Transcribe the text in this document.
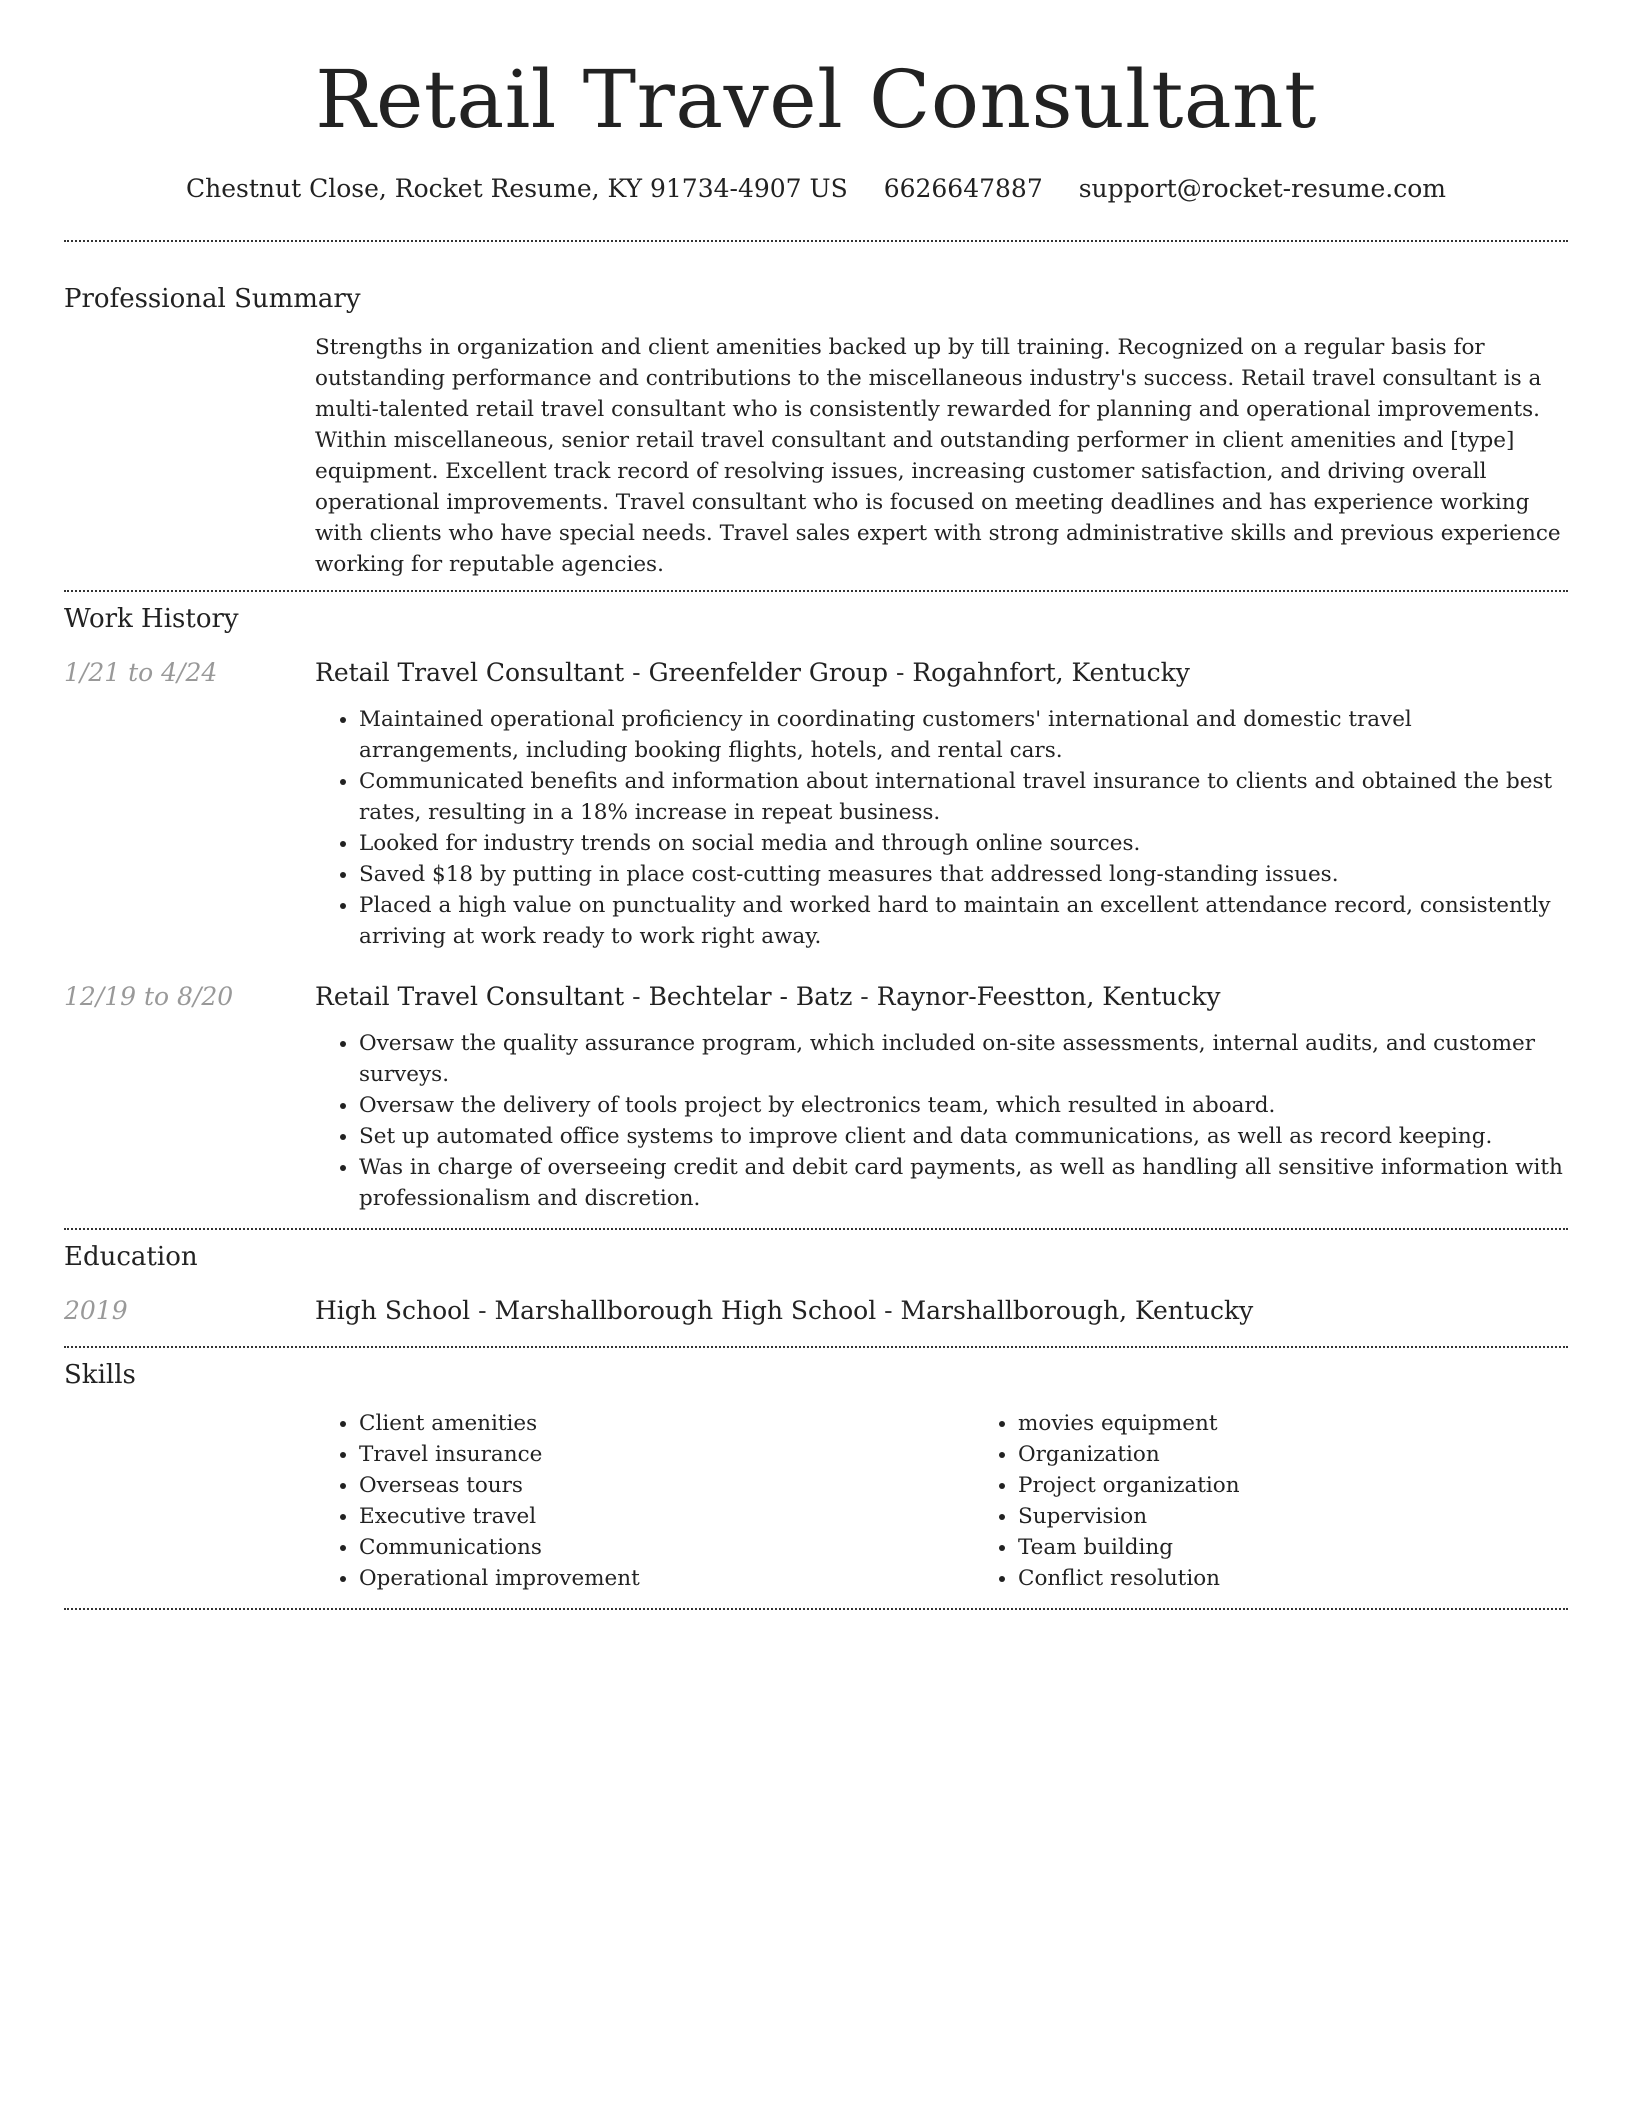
Retail Travel Consultant
Chestnut Close, Rocket Resume, KY 91734-4907 US 6626647887 support@rocket-resume.com
Professional Summary

Strengths in organization and client amenities backed up by till training. Recognized on a regular basis for outstanding performance and contributions to the miscellaneous industry's success. Retail travel consultant is a multi-talented retail travel consultant who is consistently rewarded for planning and operational improvements. Within miscellaneous, senior retail travel consultant and outstanding performer in client amenities and [type] equipment. Excellent track record of resolving issues, increasing customer satisfaction, and driving overall operational improvements. Travel consultant who is focused on meeting deadlines and has experience working with clients who have special needs. Travel sales expert with strong administrative skills and previous experience working for reputable agencies.

Work History
1/21 to 4/24	Retail Travel Consultant - Greenfelder Group - Rogahnfort, Kentucky

• Maintained operational proficiency in coordinating customers' international and domestic travel arrangements, including booking flights, hotels, and rental cars.
• Communicated benefits and information about international travel insurance to clients and obtained the best rates, resulting in a 18% increase in repeat business.
• Looked for industry trends on social media and through online sources.
• Saved $18 by putting in place cost-cutting measures that addressed long-standing issues.
• Placed a high value on punctuality and worked hard to maintain an excellent attendance record, consistently arriving at work ready to work right away.
12/19 to 8/20	Retail Travel Consultant - Bechtelar - Batz - Raynor-Feestton, Kentucky

• Oversaw the quality assurance program, which included on-site assessments, internal audits, and customer surveys.
• Oversaw the delivery of tools project by electronics team, which resulted in aboard.
• Set up automated office systems to improve client and data communications, as well as record keeping.
• Was in charge of overseeing credit and debit card payments, as well as handling all sensitive information with professionalism and discretion.
Education
2019	High School - Marshallborough High School - Marshallborough, Kentucky

Skills
• Client amenities
• Travel insurance
• Overseas tours
• Executive travel
• Communications
• Operational improvement
• movies equipment
• Organization
• Project organization
• Supervision
• Team building
• Conflict resolution
